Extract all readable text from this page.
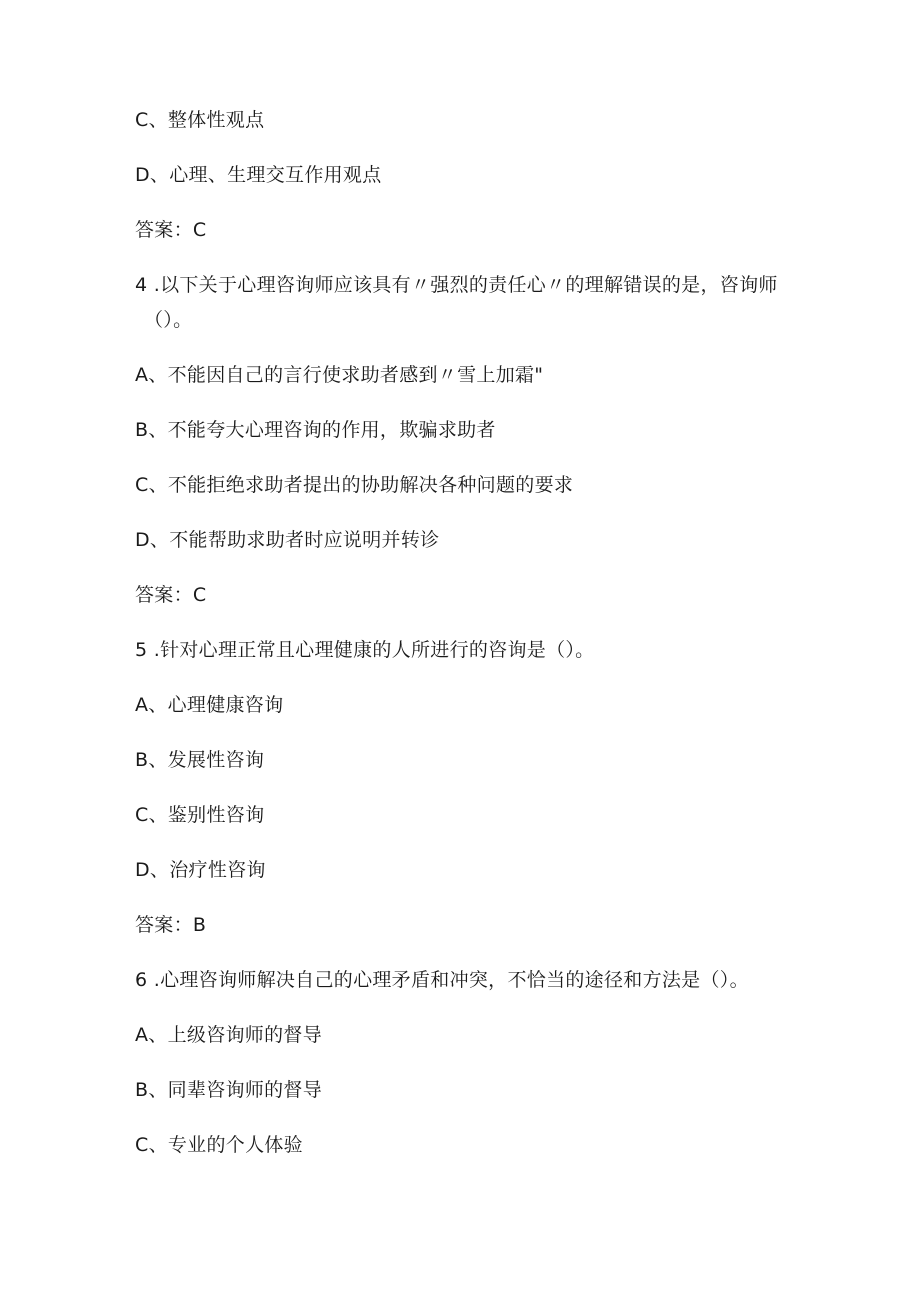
C、整体性观点
D、心理、生理交互作用观点
答案：C
4 .以下关于心理咨询师应该具有〃强烈的责任心〃的理解错误的是，咨询师
（）。
A、不能因自己的言行使求助者感到〃雪上加霜"
B、不能夸大心理咨询的作用，欺骗求助者
C、不能拒绝求助者提出的协助解决各种问题的要求
D、不能帮助求助者时应说明并转诊
答案：C
5 .针对心理正常且心理健康的人所进行的咨询是（）。
A、心理健康咨询
B、发展性咨询
C、鉴别性咨询
D、治疗性咨询
答案：B
6 .心理咨询师解决自己的心理矛盾和冲突，不恰当的途径和方法是（）。
A、上级咨询师的督导
B、同辈咨询师的督导
C、专业的个人体验
